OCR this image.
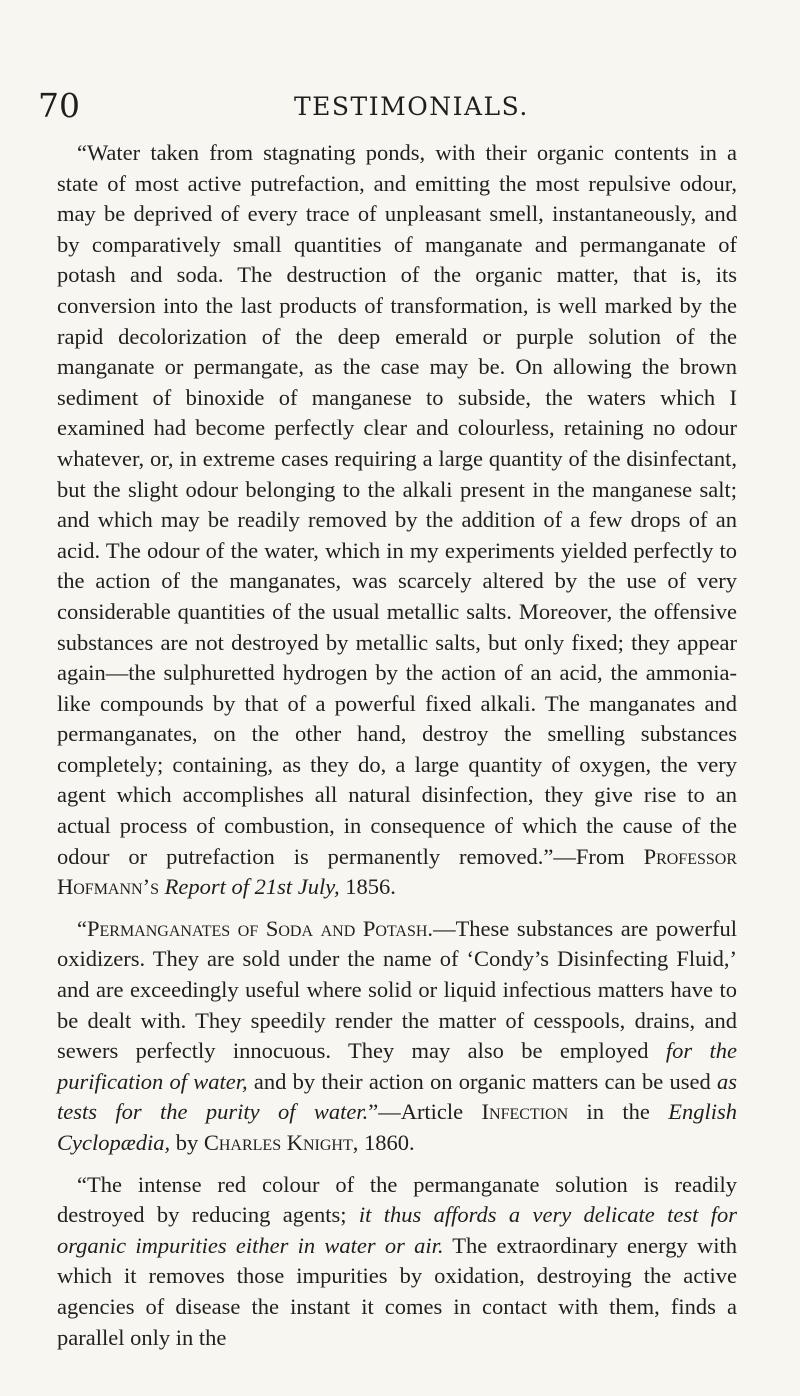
70	TESTIMONIALS.

“Water taken from stagnating ponds, with their organic contents in a state of most active putrefaction, and emitting the most repulsive odour, may be deprived of every trace of unpleasant smell, instantaneously, and by comparatively small quantities of manganate and permanganate of potash and soda. The destruction of the organic matter, that is, its conversion into the last products of transformation, is well marked by the rapid decolorization of the deep emerald or purple solution of the manganate or permangate, as the case may be. On allowing the brown sediment of binoxide of manganese to subside, the waters which I examined had become perfectly clear and colourless, retaining no odour whatever, or, in extreme cases requiring a large quantity of the disinfectant, but the slight odour belonging to the alkali present in the manganese salt; and which may be readily removed by the addition of a few drops of an acid. The odour of the water, which in my experiments yielded perfectly to the action of the manganates, was scarcely altered by the use of very considerable quantities of the usual metallic salts. Moreover, the offensive substances are not destroyed by metallic salts, but only fixed; they appear again—the sulphuretted hydrogen by the action of an acid, the ammonia-like compounds by that of a powerful fixed alkali. The manganates and permanganates, on the other hand, destroy the smelling substances completely; containing, as they do, a large quantity of oxygen, the very agent which accomplishes all natural disinfection, they give rise to an actual process of combustion, in consequence of which the cause of the odour or putrefaction is permanently removed.”—From Professor Hofmann’s Report of 21st July, 1856.

“Permanganates of Soda and Potash.—These substances are powerful oxidizers. They are sold under the name of ‘Condy’s Disinfecting Fluid,’ and are exceedingly useful where solid or liquid infectious matters have to be dealt with. They speedily render the matter of cesspools, drains, and sewers perfectly innocuous. They may also be employed for the purification of water, and by their action on organic matters can be used as tests for the purity of water.”—Article Infection in the English Cyclopædia, by Charles Knight, 1860.

“The intense red colour of the permanganate solution is readily destroyed by reducing agents; it thus affords a very delicate test for organic impurities either in water or air. The extraordinary energy with which it removes those impurities by oxidation, destroying the active agencies of disease the instant it comes in contact with them, finds a parallel only in the
